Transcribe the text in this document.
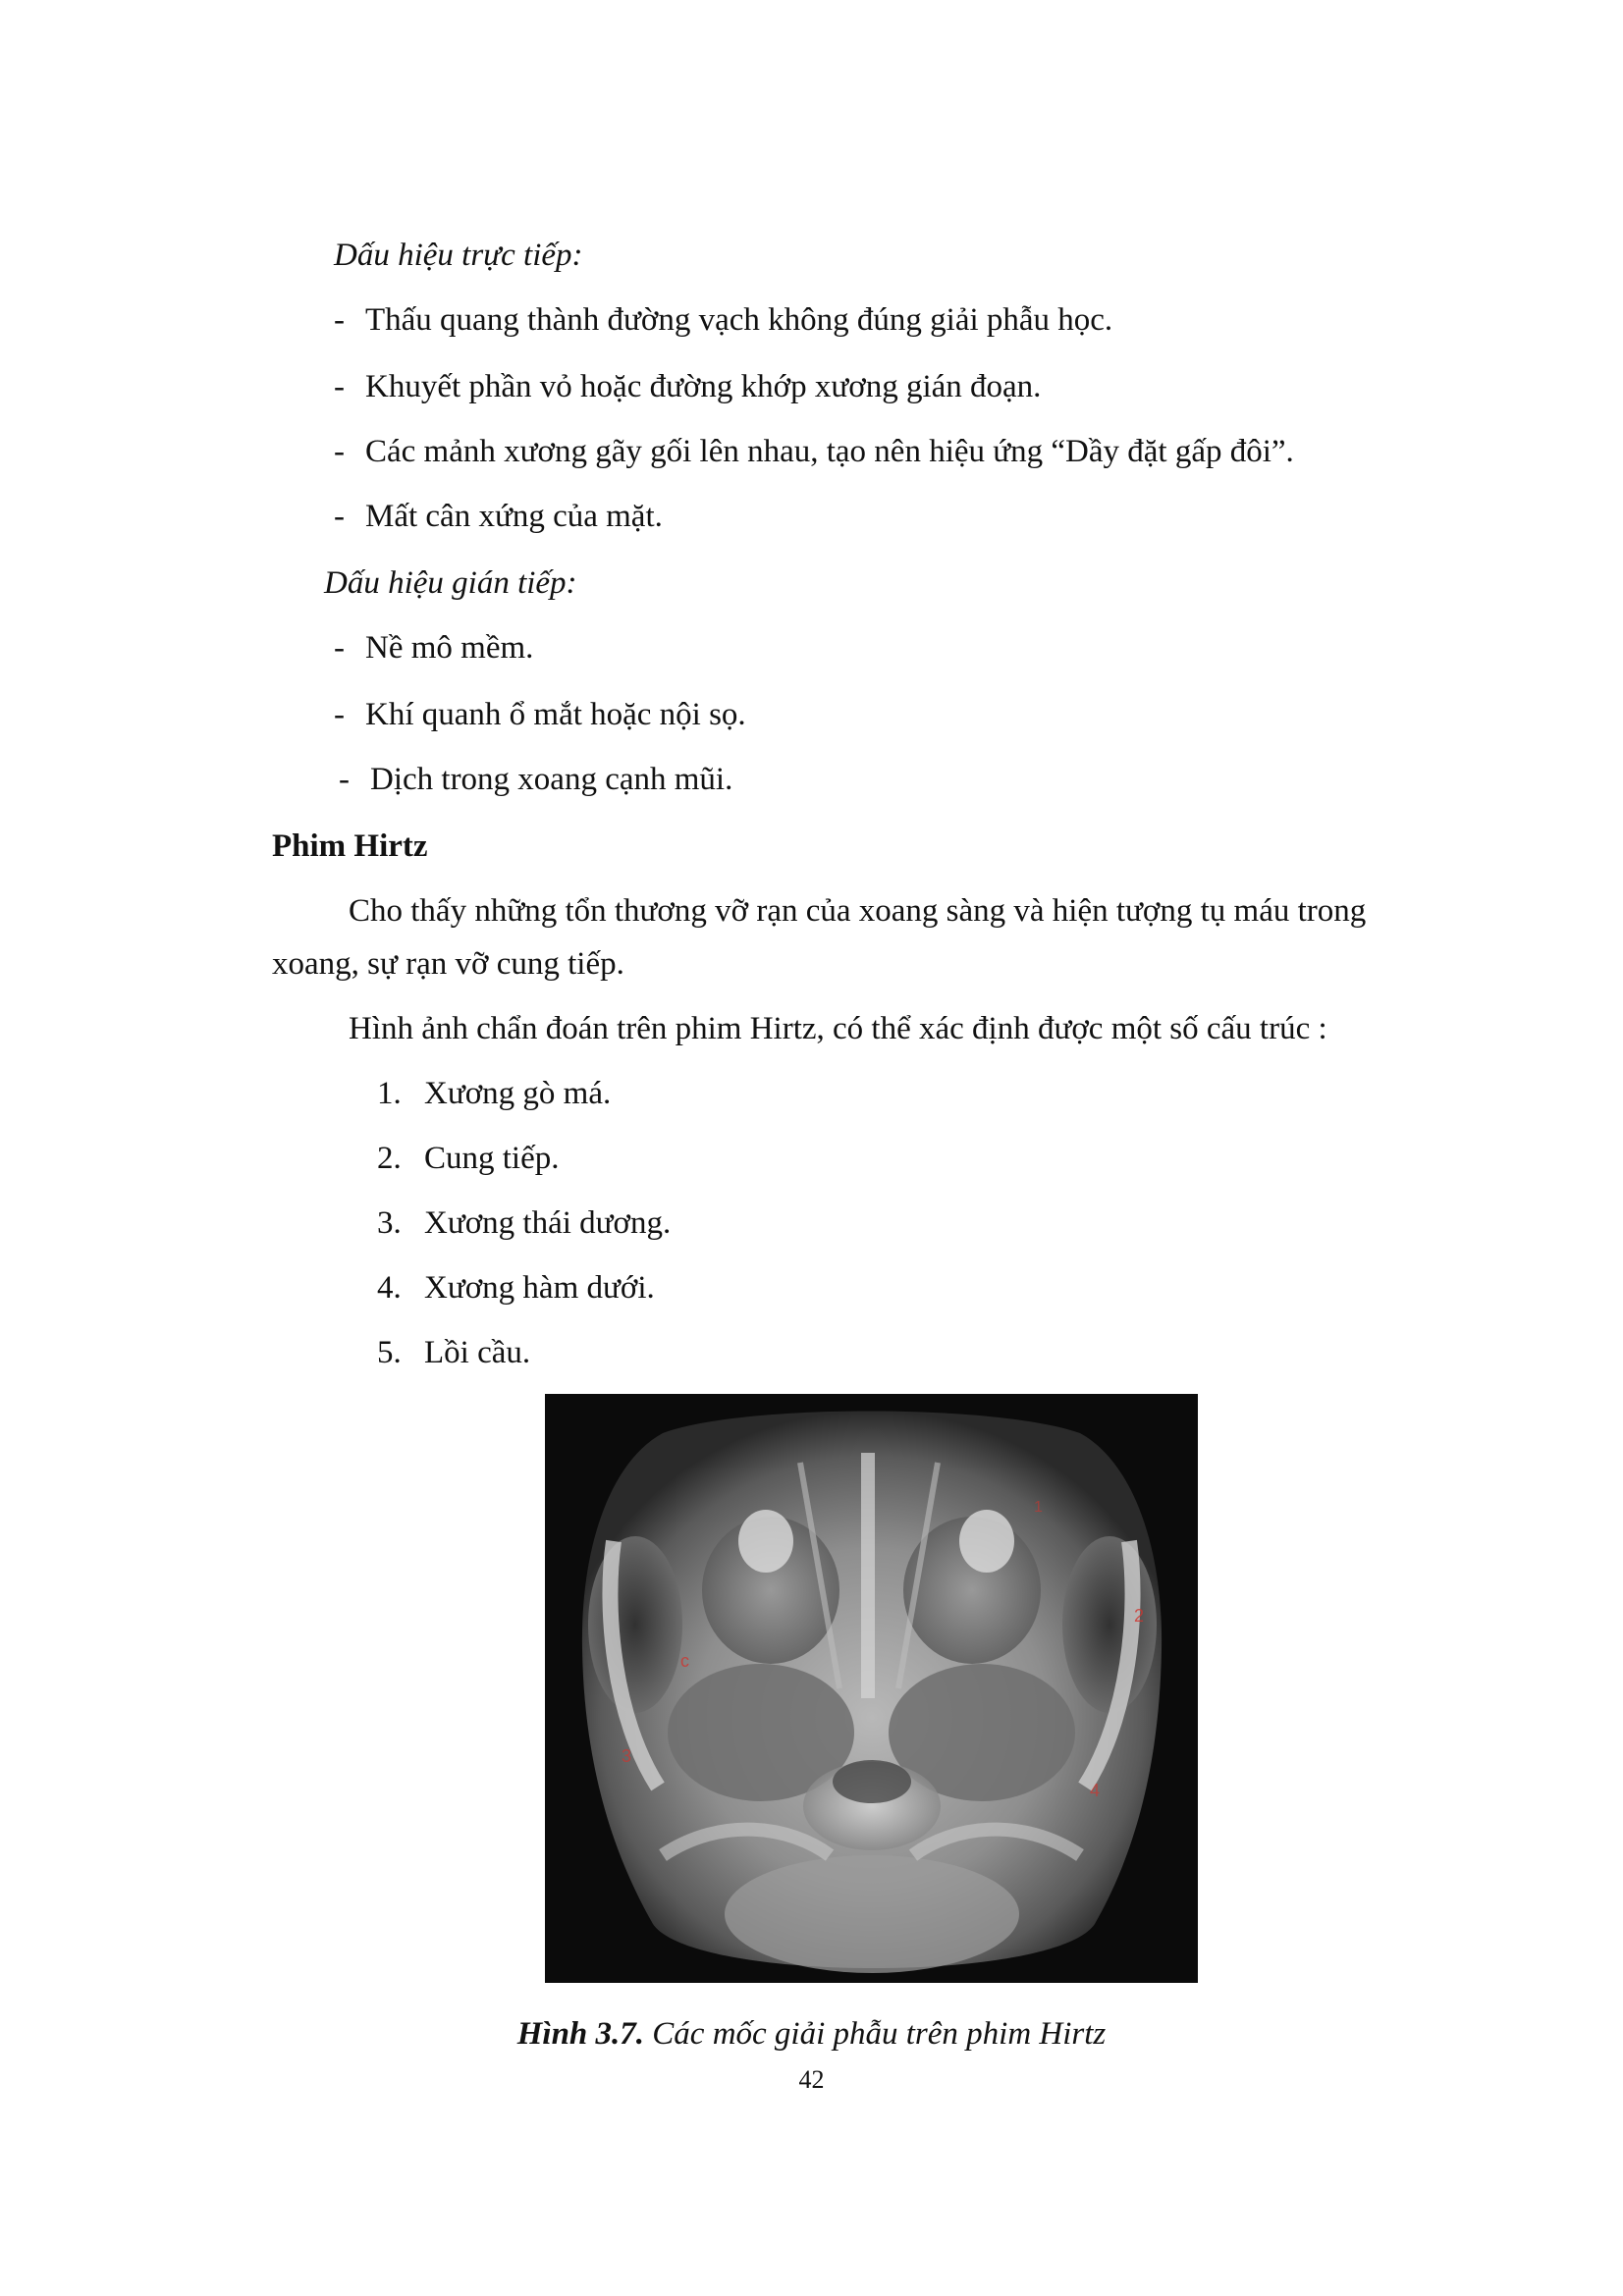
Dấu hiệu trực tiếp:
- Thấu quang thành đường vạch không đúng giải phẫu học.
- Khuyết phần vỏ hoặc đường khớp xương gián đoạn.
- Các mảnh xương gãy gối lên nhau, tạo nên hiệu ứng “Dầy đặt gấp đôi”.
- Mất cân xứng của mặt.
Dấu hiệu gián tiếp:
- Nề mô mềm.
- Khí quanh ổ mắt hoặc nội sọ.
- Dịch trong xoang cạnh mũi.
Phim Hirtz
Cho thấy những tổn thương vỡ rạn của xoang sàng và hiện tượng tụ máu trong
xoang, sự rạn vỡ cung tiếp.
Hình ảnh chẩn đoán trên phim Hirtz, có thể xác định được một số cấu trúc :
1. Xương gò má.
2. Cung tiếp.
3. Xương thái dương.
4. Xương hàm dưới.
5. Lồi cầu.
c
2
1
3
4
Hình 3.7. Các mốc giải phẫu trên phim Hirtz
42
